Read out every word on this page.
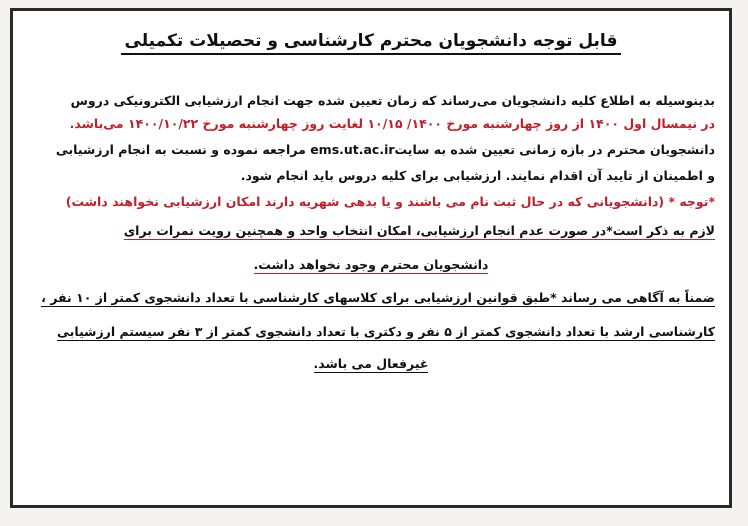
قابل توجه دانشجویان محترم کارشناسی و تحصیلات تکمیلی
بدینوسیله به اطلاع کلیه دانشجویان می‌رساند که زمان تعیین شده جهت انجام ارزشیابی الکترونیکی دروس
در نیمسال اول ۱۴۰۰ از روز چهارشنبه مورخ ۱۴۰۰/ ۱۰/۱۵ لغایت روز چهارشنبه مورخ ۱۴۰۰/۱۰/۲۲ می‌باشد.
دانشجویان محترم در بازه زمانی تعیین شده به سایتems.ut.ac.ir مراجعه نموده و نسبت به انجام ارزشیابی
و اطمینان از تایید آن اقدام نمایند. ارزشیابی برای کلیه دروس باید انجام شود.
*توجه * (دانشجویانی که در حال ثبت نام می باشند و یا بدهی شهریه دارند امکان ارزشیابی نخواهند داشت)
لازم به ذکر است*در صورت عدم انجام ارزشیابی، امکان انتخاب واحد و همچنین رویت نمرات برای
دانشجویان محترم وجود نخواهد داشت.
ضمناً به آگاهی می رساند *طبق قوانین ارزشیابی برای کلاسهای کارشناسی با تعداد دانشجوی کمتر از ۱۰ نفر ،
کارشناسی ارشد با تعداد دانشجوی کمتر از ۵ نفر و دکتری با تعداد دانشجوی کمتر از ۳ نفر سیستم ارزشیابی
غیرفعال می باشد.
